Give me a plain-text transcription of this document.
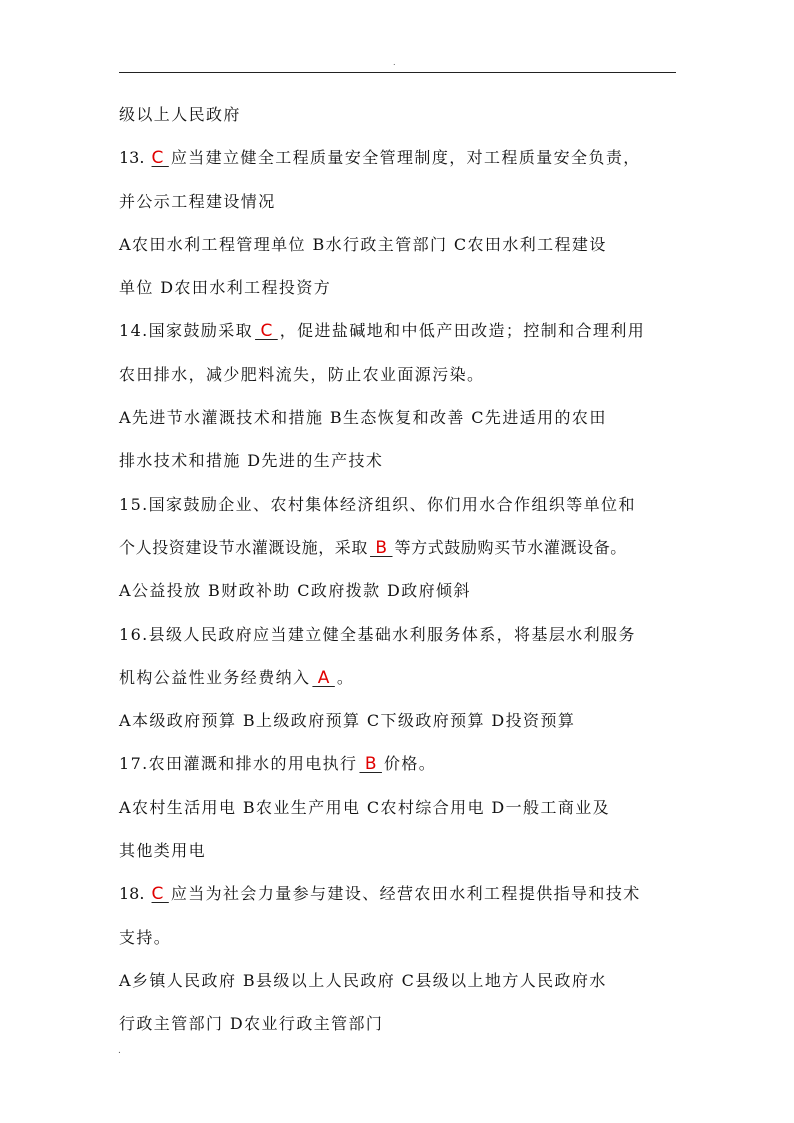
.
级以上人民政府
13. C 应当建立健全工程质量安全管理制度，对工程质量安全负责，
并公示工程建设情况
A农田水利工程管理单位 B水行政主管部门 C农田水利工程建设
单位 D农田水利工程投资方
14.国家鼓励采取 C ，促进盐碱地和中低产田改造；控制和合理利用
农田排水，减少肥料流失，防止农业面源污染。
A先进节水灌溉技术和措施 B生态恢复和改善 C先进适用的农田
排水技术和措施 D先进的生产技术
15.国家鼓励企业、农村集体经济组织、你们用水合作组织等单位和
个人投资建设节水灌溉设施，采取 B 等方式鼓励购买节水灌溉设备。
A公益投放 B财政补助 C政府拨款 D政府倾斜
16.县级人民政府应当建立健全基础水利服务体系，将基层水利服务
机构公益性业务经费纳入 A 。
A本级政府预算 B上级政府预算 C下级政府预算 D投资预算
17.农田灌溉和排水的用电执行 B 价格。
A农村生活用电 B农业生产用电 C农村综合用电 D一般工商业及
其他类用电
18. C 应当为社会力量参与建设、经营农田水利工程提供指导和技术
支持。
A乡镇人民政府 B县级以上人民政府 C县级以上地方人民政府水
行政主管部门 D农业行政主管部门
.
